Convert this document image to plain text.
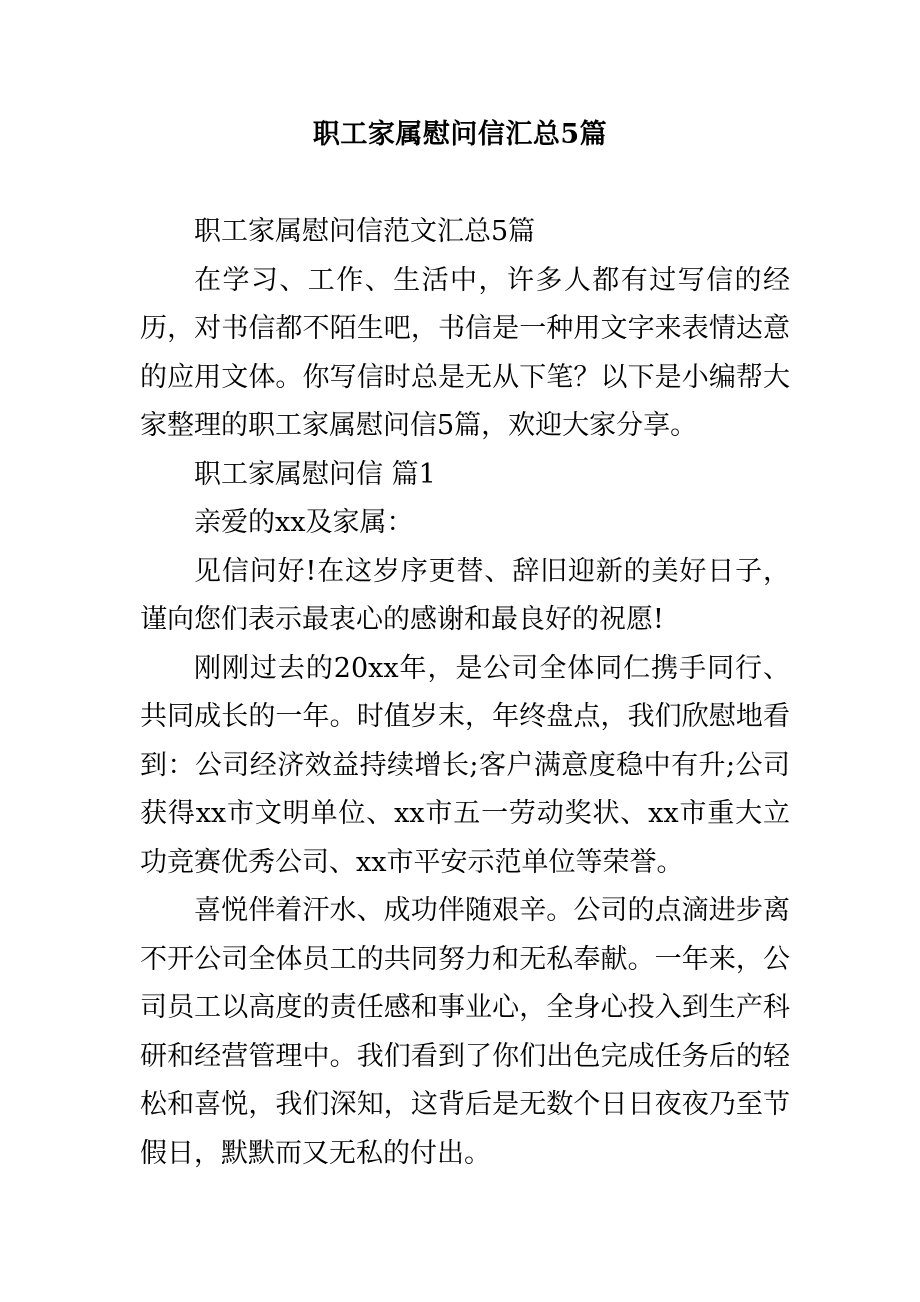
职工家属慰问信汇总5篇

职工家属慰问信范文汇总5篇

在学习、工作、生活中，许多人都有过写信的经历，对书信都不陌生吧，书信是一种用文字来表情达意的应用文体。你写信时总是无从下笔？以下是小编帮大家整理的职工家属慰问信5篇，欢迎大家分享。

职工家属慰问信 篇1

亲爱的xx及家属：

见信问好!在这岁序更替、辞旧迎新的美好日子，谨向您们表示最衷心的感谢和最良好的祝愿!

刚刚过去的20xx年，是公司全体同仁携手同行、共同成长的一年。时值岁末，年终盘点，我们欣慰地看到：公司经济效益持续增长;客户满意度稳中有升;公司获得xx市文明单位、xx市五一劳动奖状、xx市重大立功竞赛优秀公司、xx市平安示范单位等荣誉。

喜悦伴着汗水、成功伴随艰辛。公司的点滴进步离不开公司全体员工的共同努力和无私奉献。一年来，公司员工以高度的责任感和事业心，全身心投入到生产科研和经营管理中。我们看到了你们出色完成任务后的轻松和喜悦，我们深知，这背后是无数个日日夜夜乃至节假日，默默而又无私的付出。
